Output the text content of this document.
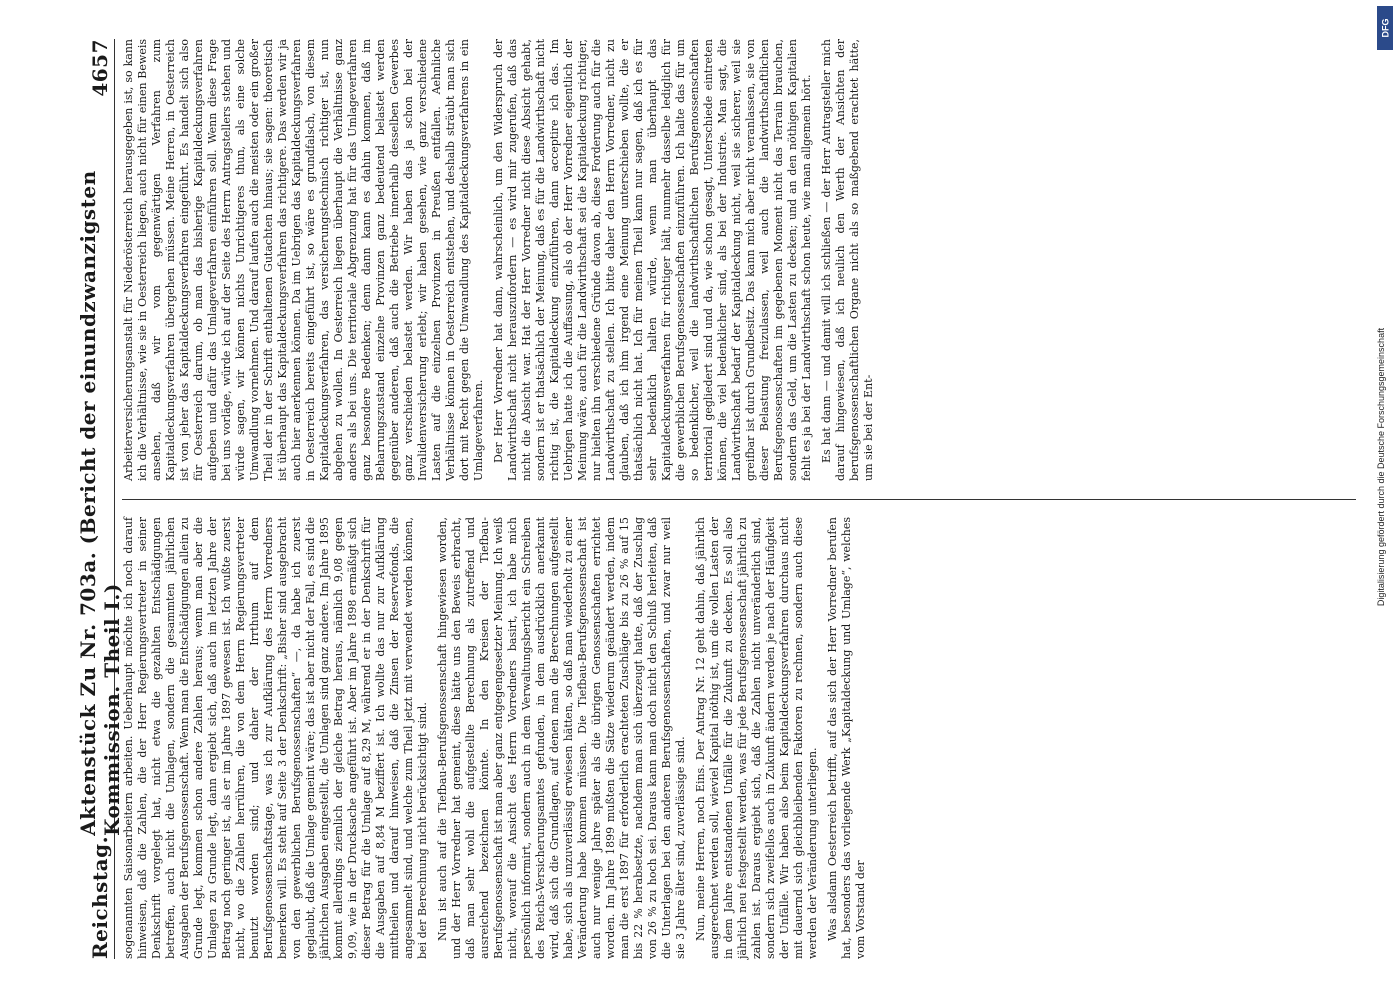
Reichstag.
Aktenstück Zu Nr. 703a. (Bericht der einundzwanzigsten Kommission. Theil I.)
4657

sogenannten Saisonarbeitern arbeiten. Ueberhaupt möchte ich noch darauf hinweisen, daß die Zahlen, die der Herr Regierungsvertreter in seiner Denkschrift vorgelegt hat, nicht etwa die gezahlten Entschädigungen betreffen, auch nicht die Umlagen, sondern die gesammten jährlichen Ausgaben der Berufsgenossenschaft. Wenn man die Entschädigungen allein zu Grunde legt, kommen schon andere Zahlen heraus; wenn man aber die Umlagen zu Grunde legt, dann ergiebt sich, daß auch im letzten Jahre der Betrag noch geringer ist, als er im Jahre 1897 gewesen ist. Ich wußte zuerst nicht, wo die Zahlen herrühren, die von dem Herrn Regierungsvertreter benutzt worden sind; und daher der Irrthum auf dem Berufsgenossenschaftstage, was ich zur Aufklärung des Herrn Vorredners bemerken will. Es steht auf Seite 3 der Denkschrift: „Bisher sind ausgebracht von den gewerblichen Berufsgenossenschaften“ —, da habe ich zuerst geglaubt, daß die Umlage gemeint wäre; das ist aber nicht der Fall, es sind die jährlichen Ausgaben eingestellt, die Umlagen sind ganz andere. Im Jahre 1895 kommt allerdings ziemlich der gleiche Betrag heraus, nämlich 9,08 gegen 9,09, wie in der Drucksache angeführt ist. Aber im Jahre 1898 ermäßigt sich dieser Betrag für die Umlage auf 8,29 M, während er in der Denkschrift für die Ausgaben auf 8,84 M beziffert ist. Ich wollte das nur zur Aufklärung mittheilen und darauf hinweisen, daß die Zinsen der Reservefonds, die angesammelt sind, und welche zum Theil jetzt mit verwendet werden können, bei der Berechnung nicht berücksichtigt sind. Nun ist auch auf die Tiefbau-Berufsgenossenschaft hingewiesen worden, und der Herr Vorredner hat gemeint, diese hätte uns den Beweis erbracht, daß man sehr wohl die aufgestellte Berechnung als zutreffend und ausreichend bezeichnen könnte. In den Kreisen der Tiefbau-Berufsgenossenschaft ist man aber ganz entgegengesetzter Meinung. Ich weiß nicht, worauf die Ansicht des Herrn Vorredners basirt, ich habe mich persönlich informirt, sondern auch in dem Verwaltungsbericht ein Schreiben des Reichs-Versicherungsamtes gefunden, in dem ausdrücklich anerkannt wird, daß sich die Grundlagen, auf denen man die Berechnungen aufgestellt habe, sich als unzuverlässig erwiesen hätten, so daß man wiederholt zu einer Veränderung habe kommen müssen. Die Tiefbau-Berufsgenossenschaft ist auch nur wenige Jahre später als die übrigen Genossenschaften errichtet worden. Im Jahre 1899 mußten die Sätze wiederum geändert werden, indem man die erst 1897 für erforderlich erachteten Zuschläge bis zu 26 % auf 15 bis 22 % herabsetzte, nachdem man sich überzeugt hatte, daß der Zuschlag von 26 % zu hoch sei. Daraus kann man doch nicht den Schluß herleiten, daß die Unterlagen bei den anderen Berufsgenossenschaften, und zwar nur weil sie 3 Jahre älter sind, zuverlässige sind. Nun, meine Herren, noch Eins. Der Antrag Nr. 12 geht dahin, daß jährlich ausgerechnet werden soll, wieviel Kapital nöthig ist, um die vollen Lasten der in dem Jahre entstandenen Unfälle für die Zukunft zu decken. Es soll also jährlich neu festgestellt werden, was für jede Berufsgenossenschaft jährlich zu zahlen ist. Daraus ergiebt sich, daß die Zahlen nicht unveränderlich sind, sondern sich zweifellos auch in Zukunft ändern werden je nach der Häufigkeit der Unfälle. Wir haben also beim Kapitaldeckungsverfahren durchaus nicht mit dauernd sich gleichbleibenden Faktoren zu rechnen, sondern auch diese werden der Veränderung unterliegen. Was alsdann Oesterreich betrifft, auf das sich der Herr Vorredner berufen hat, besonders das vorliegende Werk „Kapitaldeckung und Umlage“, welches vom Vorstand der

Arbeiterversicherungsanstalt für Niederösterreich herausgegeben ist, so kann ich die Verhältnisse, wie sie in Oesterreich liegen, auch nicht für einen Beweis ansehen, daß wir vom gegenwärtigen Verfahren zum Kapitaldeckungsverfahren übergehen müssen. Meine Herren, in Oesterreich ist von jeher das Kapitaldeckungsverfahren eingeführt. Es handelt sich also für Oesterreich darum, ob man das bisherige Kapitaldeckungsverfahren aufgeben und dafür das Umlageverfahren einführen soll. Wenn diese Frage bei uns vorläge, würde ich auf der Seite des Herrn Antragstellers stehen und würde sagen, wir können nichts Unrichtigeres thun, als eine solche Umwandlung vornehmen. Und darauf laufen auch die meisten oder ein großer Theil der in der Schrift enthaltenen Gutachten hinaus; sie sagen: theoretisch ist überhaupt das Kapitaldeckungsverfahren das richtigere. Das werden wir ja auch hier anerkennen können. Da im Uebrigen das Kapitaldeckungsverfahren in Oesterreich bereits eingeführt ist, so wäre es grundfalsch, von diesem Kapitaldeckungsverfahren, das versicherungstechnisch richtiger ist, nun abgehen zu wollen. In Oesterreich liegen überhaupt die Verhältnisse ganz anders als bei uns. Die territoriale Abgrenzung hat für das Umlageverfahren ganz besondere Bedenken; denn dann kann es dahin kommen, daß im Beharrungszustand einzelne Provinzen ganz bedeutend belastet werden gegenüber anderen, daß auch die Betriebe innerhalb desselben Gewerbes ganz verschieden belastet werden. Wir haben das ja schon bei der Invalidenversicherung erlebt; wir haben gesehen, wie ganz verschiedene Lasten auf die einzelnen Provinzen in Preußen entfallen. Aehnliche Verhältnisse können in Oesterreich entstehen, und deshalb sträubt man sich dort mit Recht gegen die Umwandlung des Kapitaldeckungsverfahrens in ein Umlageverfahren. Der Herr Vorredner hat dann, wahrscheinlich, um den Widerspruch der Landwirthschaft nicht herauszufordern — es wird mir zugerufen, daß das nicht die Absicht war. Hat der Herr Vorredner nicht diese Absicht gehabt, sondern ist er thatsächlich der Meinung, daß es für die Landwirthschaft nicht richtig ist, die Kapitaldeckung einzuführen, dann acceptire ich das. Im Uebrigen hatte ich die Auffassung, als ob der Herr Vorredner eigentlich der Meinung wäre, auch für die Landwirthschaft sei die Kapitaldeckung richtiger, nur hielten ihn verschiedene Gründe davon ab, diese Forderung auch für die Landwirthschaft zu stellen. Ich bitte daher den Herrn Vorredner, nicht zu glauben, daß ich ihm irgend eine Meinung unterschieben wollte, die er thatsächlich nicht hat. Ich für meinen Theil kann nur sagen, daß ich es für sehr bedenklich halten würde, wenn man überhaupt das Kapitaldeckungsverfahren für richtiger hält, nunmehr dasselbe lediglich für die gewerblichen Berufsgenossenschaften einzuführen. Ich halte das für um so bedenklicher, weil die landwirthschaftlichen Berufsgenossenschaften territorial gegliedert sind und da, wie schon gesagt, Unterschiede eintreten können, die viel bedenklicher sind, als bei der Industrie. Man sagt, die Landwirthschaft bedarf der Kapitaldeckung nicht, weil sie sicherer, weil sie greifbar ist durch Grundbesitz. Das kann mich aber nicht veranlassen, sie von dieser Belastung freizulassen, weil auch die landwirthschaftlichen Berufsgenossenschaften im gegebenen Moment nicht das Terrain brauchen, sondern das Geld, um die Lasten zu decken; und an den nöthigen Kapitalien fehlt es ja bei der Landwirthschaft schon heute, wie man allgemein hört. Es hat dann — und damit will ich schließen — der Herr Antragsteller mich darauf hingewiesen, daß ich neulich den Werth der Ansichten der berufsgenossenschaftlichen Organe nicht als so maßgebend erachtet hätte, um sie bei der Ent-

DFG
Digitalisierung gefördert durch die Deutsche Forschungsgemeinschaft
